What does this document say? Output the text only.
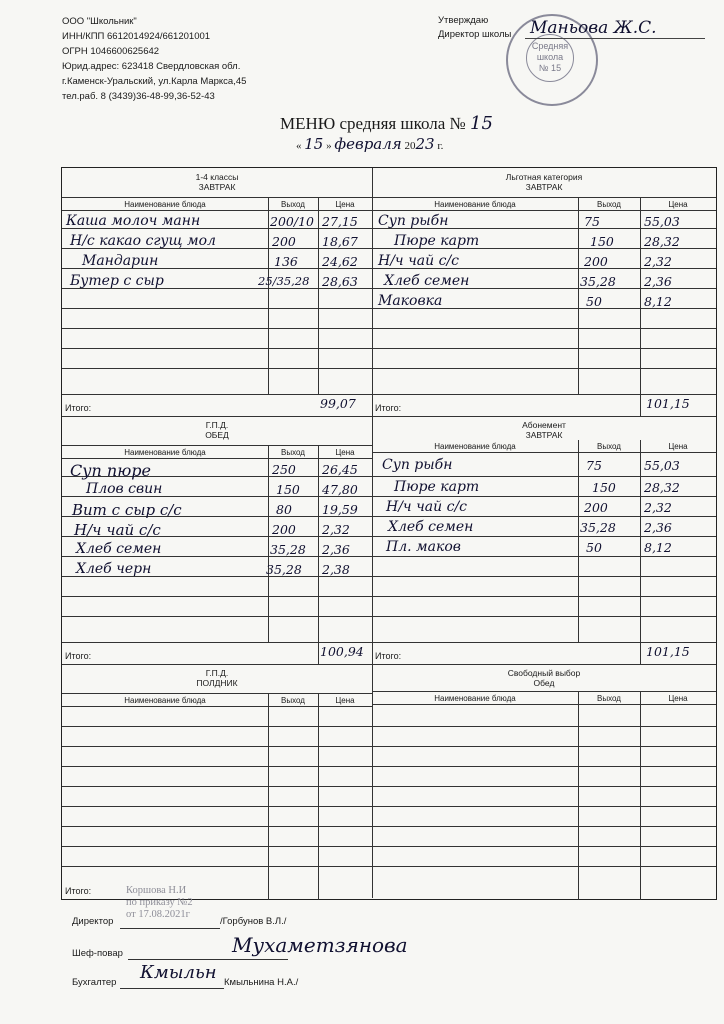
ООО "Школьник"
ИНН/КПП 6612014924/661201001
ОГРН 1046600625642
Юрид.адрес: 623418 Свердловская обл.
г.Каменск-Уральский, ул.Карла Маркса,45
тел.раб. 8 (3439)36-48-99,36-52-43
Утверждаю
Директор школы
Средняя
школа
№ 15
Маньова Ж.С.
МЕНЮ средняя школа № 15
« 15 » февраля 2023 г.
1-4 классы
ЗАВТРАК
Наименование блюда	Выход	Цена
Каша молоч манн	200/10 27,15
Н/с какао сгущ мол	200 18,67
Мандарин	136 24,62
Бутер с сыр	25/35,28 28,63
Итого:	99,07
Льготная категория
ЗАВТРАК
Наименование блюда	Выход	Цена
Суп рыбн	75	55,03
Пюре карт	150 28,32
Н/ч чай с/с	200	2,32
Хлеб семен	35,28 2,36
Маковка	50	8,12
Итого:	101,15
Г.П.Д.
ОБЕД
Наименование блюда	Выход	Цена
Суп пюре	250 26,45
Плов свин	150 47,80
Вит с сыр с/с	80 19,59
Н/ч чай с/с	200 2,32
Хлеб семен	35,28 2,36
Хлеб черн	35,28 2,38
Итого:	100,94
Абонемент
ЗАВТРАК
Наименование блюда	Выход	Цена
Суп рыбн	75	55,03
Пюре карт	150 28,32
Н/ч чай с/с	200	2,32
Хлеб семен	35,28 2,36
Пл. маков	50	8,12
Итого:	101,15
Г.П.Д.
ПОЛДНИК
Наименование блюда	Выход	Цена
Итого:
Свободный выбор
Обед
Наименование блюда	Выход	Цена
Коршова Н.И
по приказу №2
от 17.08.2021г
Директор	/Горбунов В.Л./
Шеф-повар	Мухаметзянова
Бухгалтер Кмыльн Кмыльнина Н.А./
